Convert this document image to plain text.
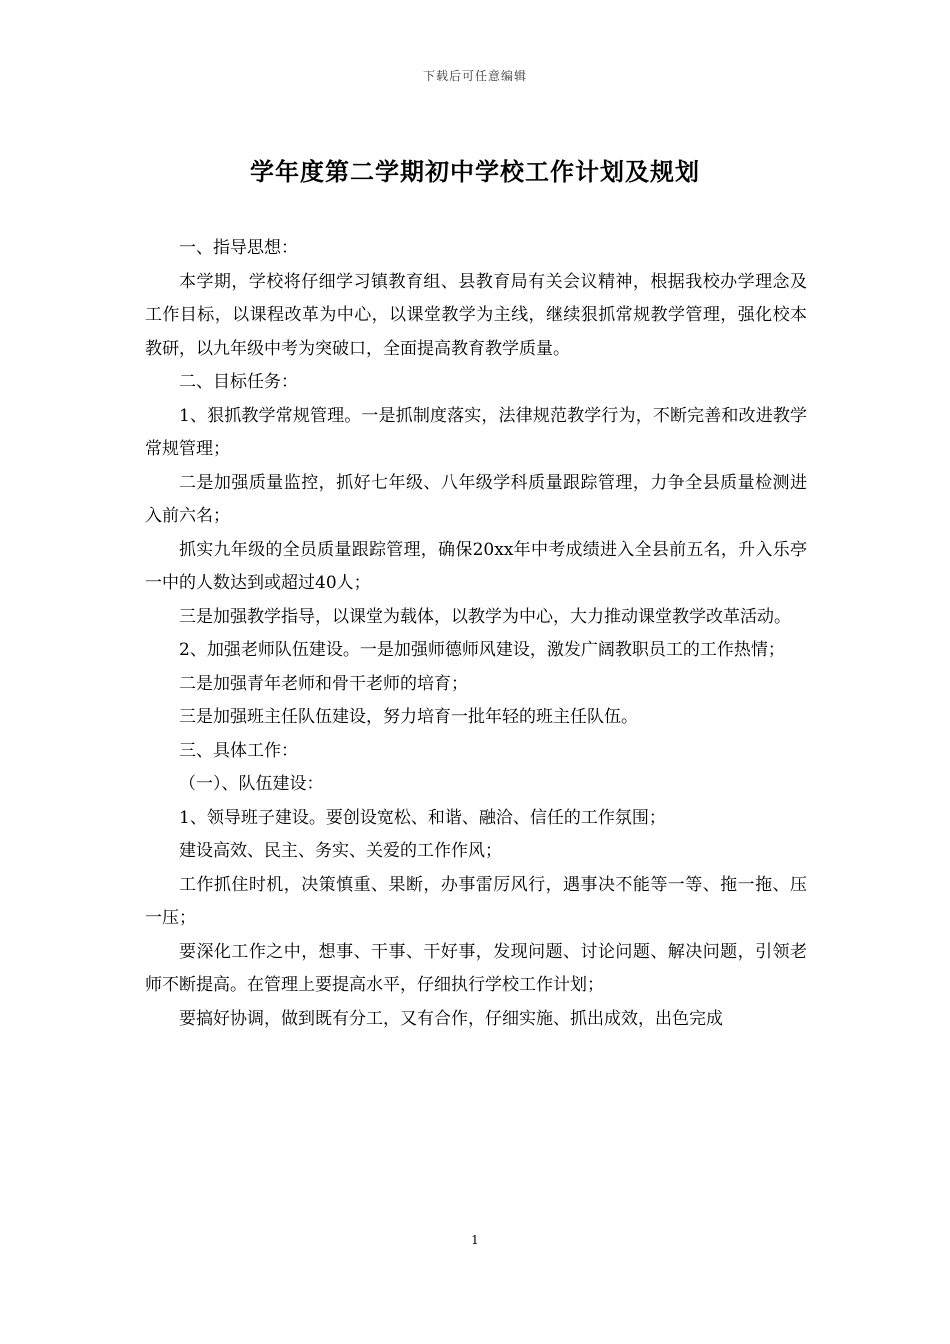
下载后可任意编辑
学年度第二学期初中学校工作计划及规划

一、指导思想：

本学期，学校将仔细学习镇教育组、县教育局有关会议精神，根据我校办学理念及工作目标，以课程改革为中心，以课堂教学为主线，继续狠抓常规教学管理，强化校本教研，以九年级中考为突破口，全面提高教育教学质量。

二、目标任务：

1、狠抓教学常规管理。一是抓制度落实，法律规范教学行为，不断完善和改进教学常规管理；

二是加强质量监控，抓好七年级、八年级学科质量跟踪管理，力争全县质量检测进入前六名；

抓实九年级的全员质量跟踪管理，确保20xx年中考成绩进入全县前五名，升入乐亭一中的人数达到或超过40人；

三是加强教学指导，以课堂为载体，以教学为中心，大力推动课堂教学改革活动。

2、加强老师队伍建设。一是加强师德师风建设，激发广阔教职员工的工作热情；

二是加强青年老师和骨干老师的培育；

三是加强班主任队伍建设，努力培育一批年轻的班主任队伍。

三、具体工作：

（一）、队伍建设：

1、领导班子建设。要创设宽松、和谐、融洽、信任的工作氛围；

建设高效、民主、务实、关爱的工作作风；

工作抓住时机，决策慎重、果断，办事雷厉风行，遇事决不能等一等、拖一拖、压一压；

要深化工作之中，想事、干事、干好事，发现问题、讨论问题、解决问题，引领老师不断提高。在管理上要提高水平，仔细执行学校工作计划；

要搞好协调，做到既有分工，又有合作，仔细实施、抓出成效，出色完成

1
